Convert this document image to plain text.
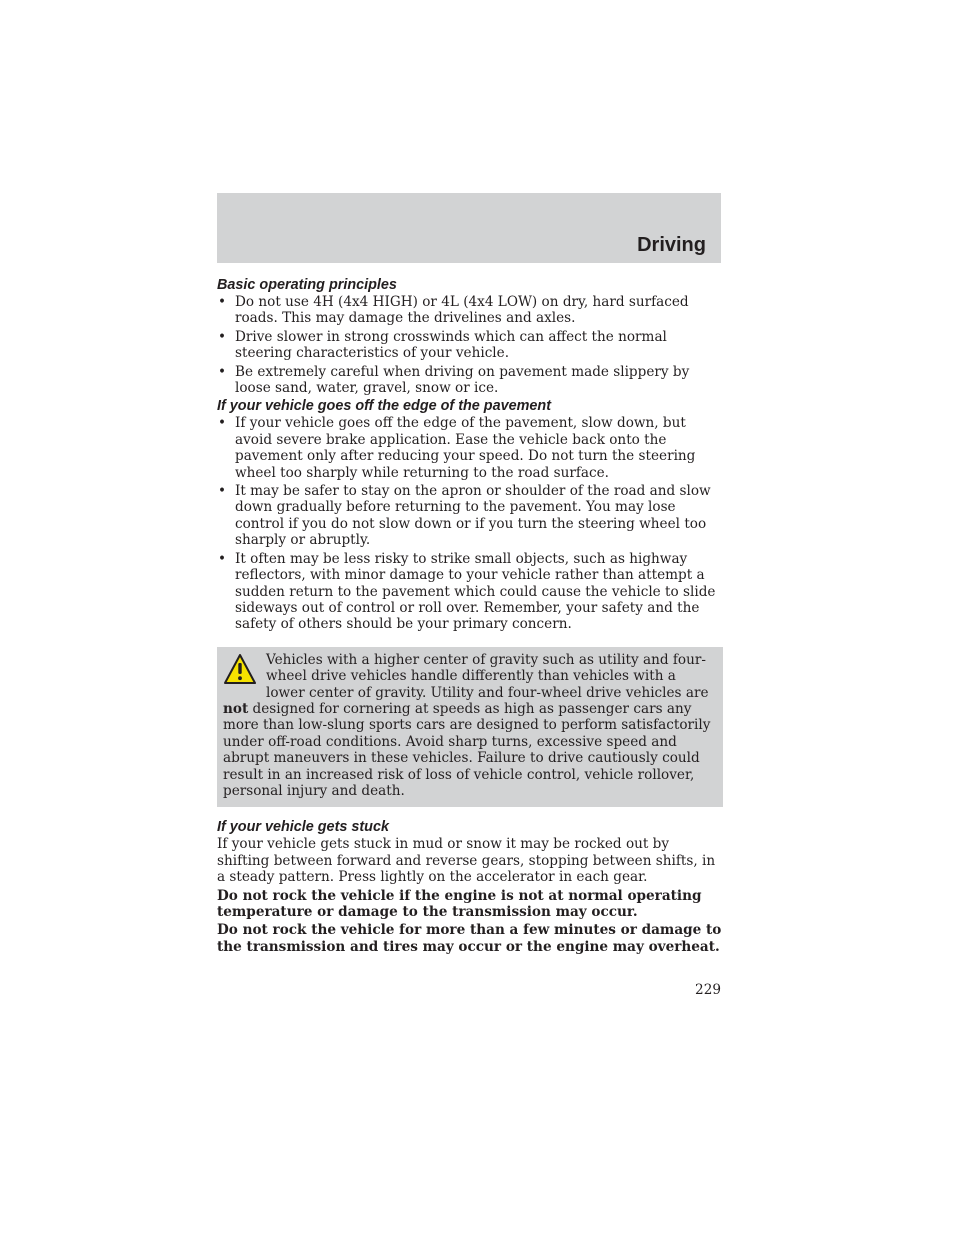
Driving
Basic operating principles
• Do not use 4H (4x4 HIGH) or 4L (4x4 LOW) on dry, hard surfaced roads. This may damage the drivelines and axles.
• Drive slower in strong crosswinds which can affect the normal steering characteristics of your vehicle.
• Be extremely careful when driving on pavement made slippery by loose sand, water, gravel, snow or ice.
If your vehicle goes off the edge of the pavement
• If your vehicle goes off the edge of the pavement, slow down, but avoid severe brake application. Ease the vehicle back onto the pavement only after reducing your speed. Do not turn the steering wheel too sharply while returning to the road surface.
• It may be safer to stay on the apron or shoulder of the road and slow down gradually before returning to the pavement. You may lose control if you do not slow down or if you turn the steering wheel too sharply or abruptly.
• It often may be less risky to strike small objects, such as highway reflectors, with minor damage to your vehicle rather than attempt a sudden return to the pavement which could cause the vehicle to slide sideways out of control or roll over. Remember, your safety and the safety of others should be your primary concern.
Vehicles with a higher center of gravity such as utility and four-wheel drive vehicles handle differently than vehicles with a lower center of gravity. Utility and four-wheel drive vehicles are not designed for cornering at speeds as high as passenger cars any more than low-slung sports cars are designed to perform satisfactorily under off-road conditions. Avoid sharp turns, excessive speed and abrupt maneuvers in these vehicles. Failure to drive cautiously could result in an increased risk of loss of vehicle control, vehicle rollover, personal injury and death.
If your vehicle gets stuck

If your vehicle gets stuck in mud or snow it may be rocked out by shifting between forward and reverse gears, stopping between shifts, in a steady pattern. Press lightly on the accelerator in each gear.

Do not rock the vehicle if the engine is not at normal operating temperature or damage to the transmission may occur.

Do not rock the vehicle for more than a few minutes or damage to the transmission and tires may occur or the engine may overheat.

229
